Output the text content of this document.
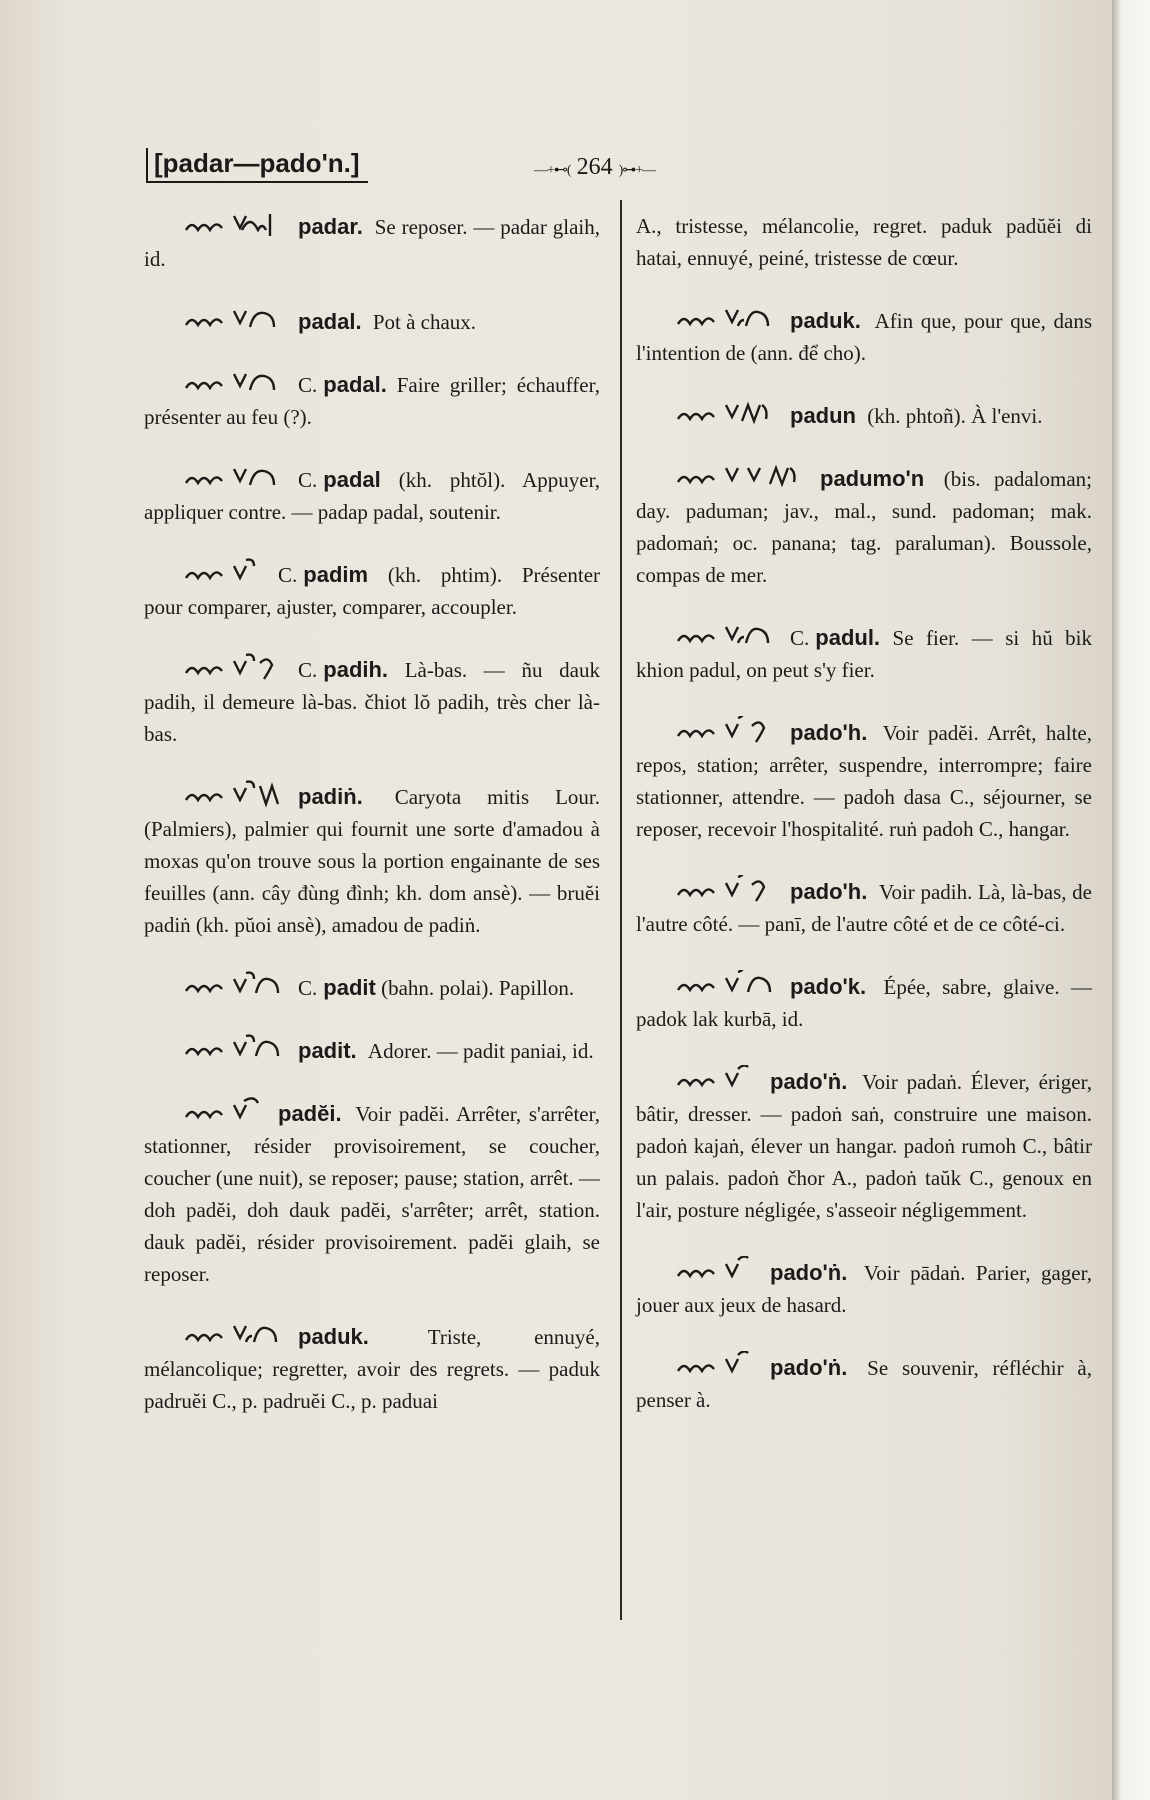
[padar—pado'n.]	—+⊷( 264 )⊶+—

padar. Se reposer. — padar glaih, id.

padal. Pot à chaux.

C. padal. Faire griller; échauffer, présenter au feu (?).

C. padal (kh. phtŏl). Appuyer, appliquer contre. — padap padal, soutenir.

C. padim (kh. phtim). Présenter pour comparer, ajuster, comparer, accoupler.

C. padih. Là-bas. — ñu dauk padih, il demeure là-bas. čhiot lŏ padih, très cher là-bas.

padiṅ. Caryota mitis Lour. (Palmiers), palmier qui fournit une sorte d'amadou à moxas qu'on trouve sous la portion engainante de ses feuilles (ann. cây đùng đình; kh. dom ansè). — bruĕi padiṅ (kh. pŭoi ansè), amadou de padiṅ.

C. padit (bahn. polai). Papillon.

padit. Adorer. — padit paniai, id.

padĕi. Voir padĕi. Arrêter, s'arrêter, stationner, résider provisoirement, se coucher, coucher (une nuit), se reposer; pause; station, arrêt. — doh padĕi, doh dauk padĕi, s'arrêter; arrêt, station. dauk padĕi, résider provisoirement. padĕi glaih, se reposer.

paduk.	Triste, ennuyé, mélancolique; regretter, avoir des regrets. — paduk padruĕi C., p. padruĕi C., p. paduai

A., tristesse, mélancolie, regret. paduk padŭĕi di hatai, ennuyé, peiné, tristesse de cœur.

paduk. Afin que, pour que, dans l'intention de (ann. để cho).

padun (kh. phtoñ). À l'envi.

padumo'n (bis. padaloman; day. paduman; jav., mal., sund. padoman; mak. padomaṅ; oc. panana; tag. paraluman). Boussole, compas de mer.

C. padul. Se fier. — si hŭ bik khion padul, on peut s'y fier.

pado'h. Voir padĕi. Arrêt, halte, repos, station; arrêter, suspendre, interrompre; faire stationner, attendre. — padoh dasa C., séjourner, se reposer, recevoir l'hospitalité. ruṅ padoh C., hangar.

pado'h. Voir padih. Là, là-bas, de l'autre côté. — panī, de l'autre côté et de ce côté-ci.

pado'k. Épée, sabre, glaive. — padok lak kurbā, id.

pado'ṅ. Voir padaṅ. Élever, ériger, bâtir, dresser. — padoṅ saṅ, construire une maison. padoṅ kajaṅ, élever un hangar. padoṅ rumoh C., bâtir un palais. padoṅ čhor A., padoṅ taŭk C., genoux en l'air, posture négligée, s'asseoir négligemment.

pado'ṅ. Voir pādaṅ. Parier, gager, jouer aux jeux de hasard.

pado'ṅ. Se souvenir, réfléchir à, penser à.
